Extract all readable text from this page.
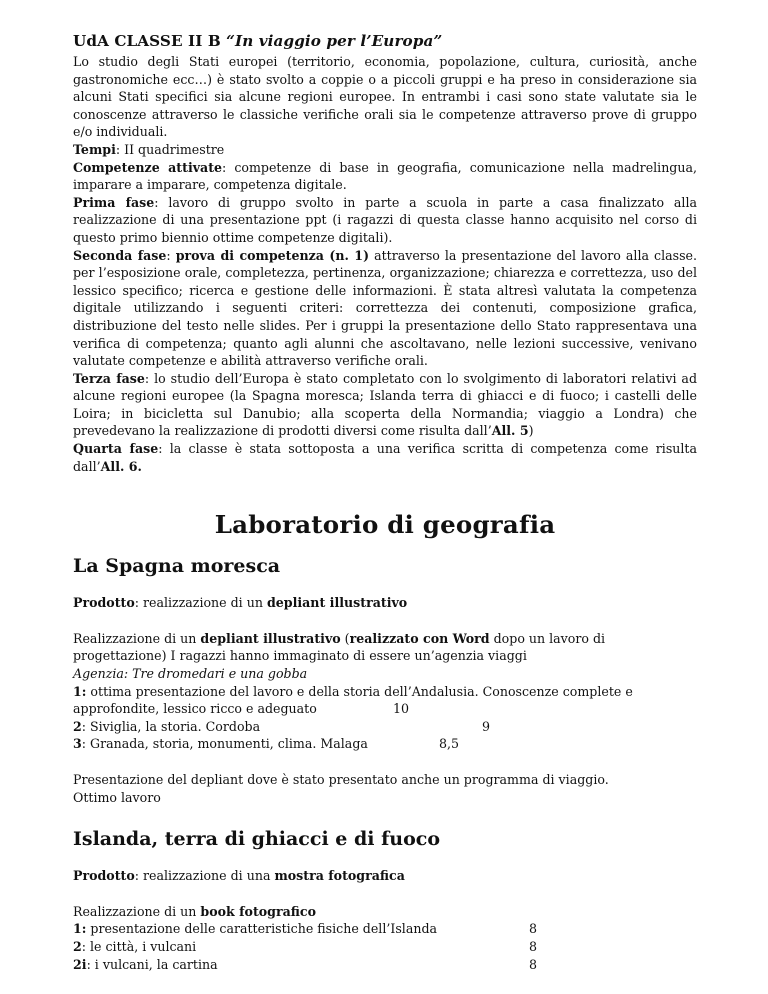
UdA CLASSE II B “In viaggio per l’Europa”

Lo studio degli Stati europei (territorio, economia, popolazione, cultura, curiosità, anche gastronomiche ecc…) è stato svolto a coppie o a piccoli gruppi e ha preso in considerazione sia alcuni Stati specifici sia alcune regioni europee. In entrambi i casi sono state valutate sia le conoscenze attraverso le classiche verifiche orali sia le competenze attraverso prove di gruppo e/o individuali.

Tempi: II quadrimestre

Competenze attivate: competenze di base in geografia, comunicazione nella madrelingua, imparare a imparare, competenza digitale.

Prima fase: lavoro di gruppo svolto in parte a scuola in parte a casa finalizzato alla realizzazione di una presentazione ppt (i ragazzi di questa classe hanno acquisito nel corso di questo primo biennio ottime competenze digitali).

Seconda fase: prova di competenza (n. 1) attraverso la presentazione del lavoro alla classe. per l’esposizione orale, completezza, pertinenza, organizzazione; chiarezza e correttezza, uso del lessico specifico; ricerca e gestione delle informazioni. È stata altresì valutata la competenza digitale utilizzando i seguenti criteri: correttezza dei contenuti, composizione grafica, distribuzione del testo nelle slides. Per i gruppi la presentazione dello Stato rappresentava una verifica di competenza; quanto agli alunni che ascoltavano, nelle lezioni successive, venivano valutate competenze e abilità attraverso verifiche orali.

Terza fase: lo studio dell’Europa è stato completato con lo svolgimento di laboratori relativi ad alcune regioni europee (la Spagna moresca; Islanda terra di ghiacci e di fuoco; i castelli delle Loira; in bicicletta sul Danubio; alla scoperta della Normandia; viaggio a Londra) che prevedevano la realizzazione di prodotti diversi come risulta dall’All. 5)

Quarta fase: la classe è stata sottoposta a una verifica scritta di competenza come risulta dall’All. 6.

Laboratorio di geografia
La Spagna moresca

Prodotto: realizzazione di un depliant illustrativo

Realizzazione di un depliant illustrativo (realizzato con Word dopo un lavoro di

progettazione) I ragazzi hanno immaginato di essere un’agenzia viaggi

Agenzia: Tre dromedari e una gobba

1: ottima presentazione del lavoro e della storia dell’Andalusia. Conoscenze complete e

approfondite, lessico ricco e adeguato	10

2: Siviglia, la storia. Cordoba	9

3: Granada, storia, monumenti, clima. Malaga	8,5

Presentazione del depliant dove è stato presentato anche un programma di viaggio.

Ottimo lavoro

Islanda, terra di ghiacci e di fuoco

Prodotto: realizzazione di una mostra fotografica

Realizzazione di un book fotografico

1: presentazione delle caratteristiche fisiche dell’Islanda	8

2: le città, i vulcani	8

2i: i vulcani, la cartina	8
